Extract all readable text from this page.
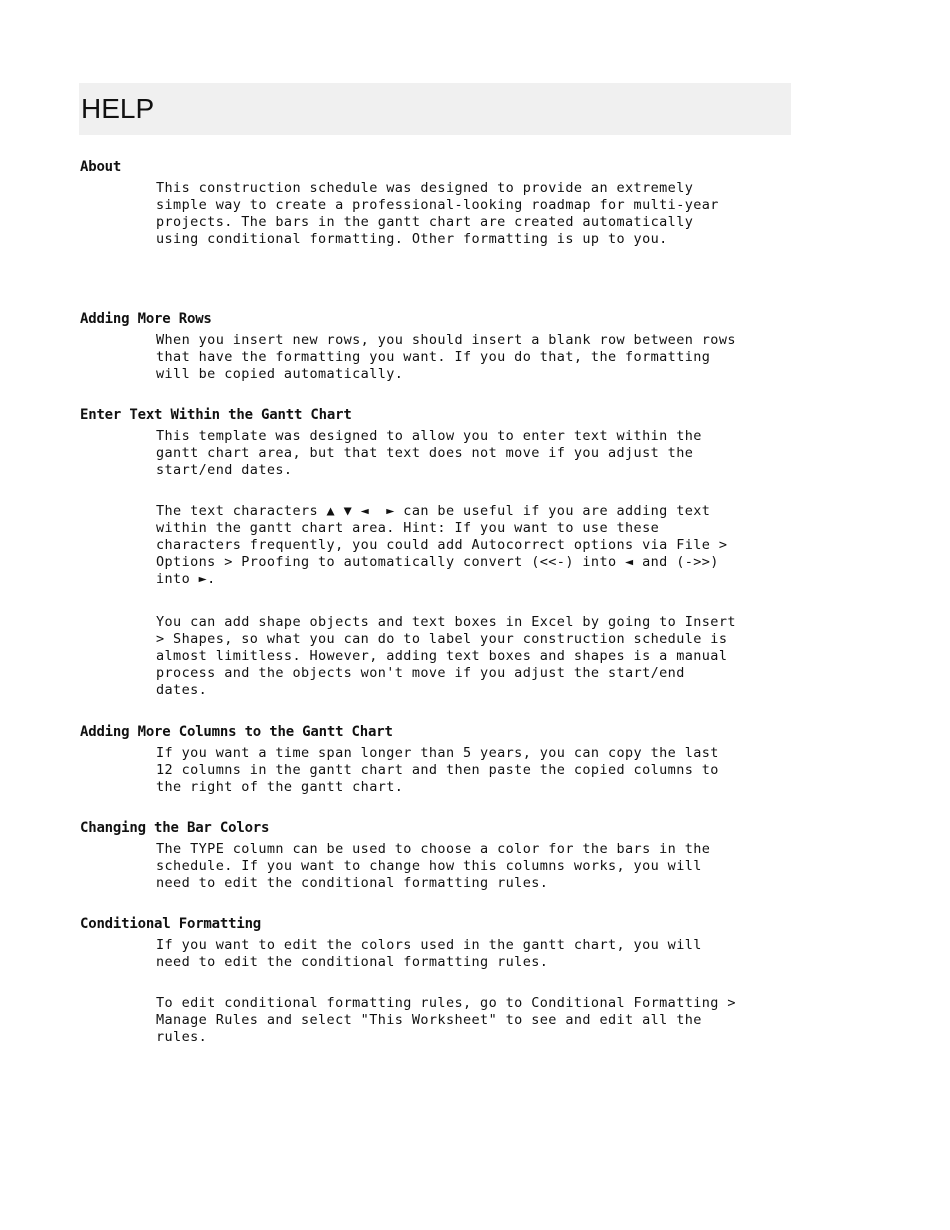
HELP
About
This construction schedule was designed to provide an extremely
simple way to create a professional-looking roadmap for multi-year
projects. The bars in the gantt chart are created automatically
using conditional formatting. Other formatting is up to you.
Adding More Rows
When you insert new rows, you should insert a blank row between rows
that have the formatting you want. If you do that, the formatting
will be copied automatically.
Enter Text Within the Gantt Chart
This template was designed to allow you to enter text within the
gantt chart area, but that text does not move if you adjust the
start/end dates.
The text characters ▲ ▼ ◄  ► can be useful if you are adding text
within the gantt chart area. Hint: If you want to use these
characters frequently, you could add Autocorrect options via File >
Options > Proofing to automatically convert (<<-) into ◄ and (->>)
into ►.
You can add shape objects and text boxes in Excel by going to Insert
> Shapes, so what you can do to label your construction schedule is
almost limitless. However, adding text boxes and shapes is a manual
process and the objects won't move if you adjust the start/end
dates.
Adding More Columns to the Gantt Chart
If you want a time span longer than 5 years, you can copy the last
12 columns in the gantt chart and then paste the copied columns to
the right of the gantt chart.
Changing the Bar Colors
The TYPE column can be used to choose a color for the bars in the
schedule. If you want to change how this columns works, you will
need to edit the conditional formatting rules.
Conditional Formatting
If you want to edit the colors used in the gantt chart, you will
need to edit the conditional formatting rules.
To edit conditional formatting rules, go to Conditional Formatting >
Manage Rules and select "This Worksheet" to see and edit all the
rules.
